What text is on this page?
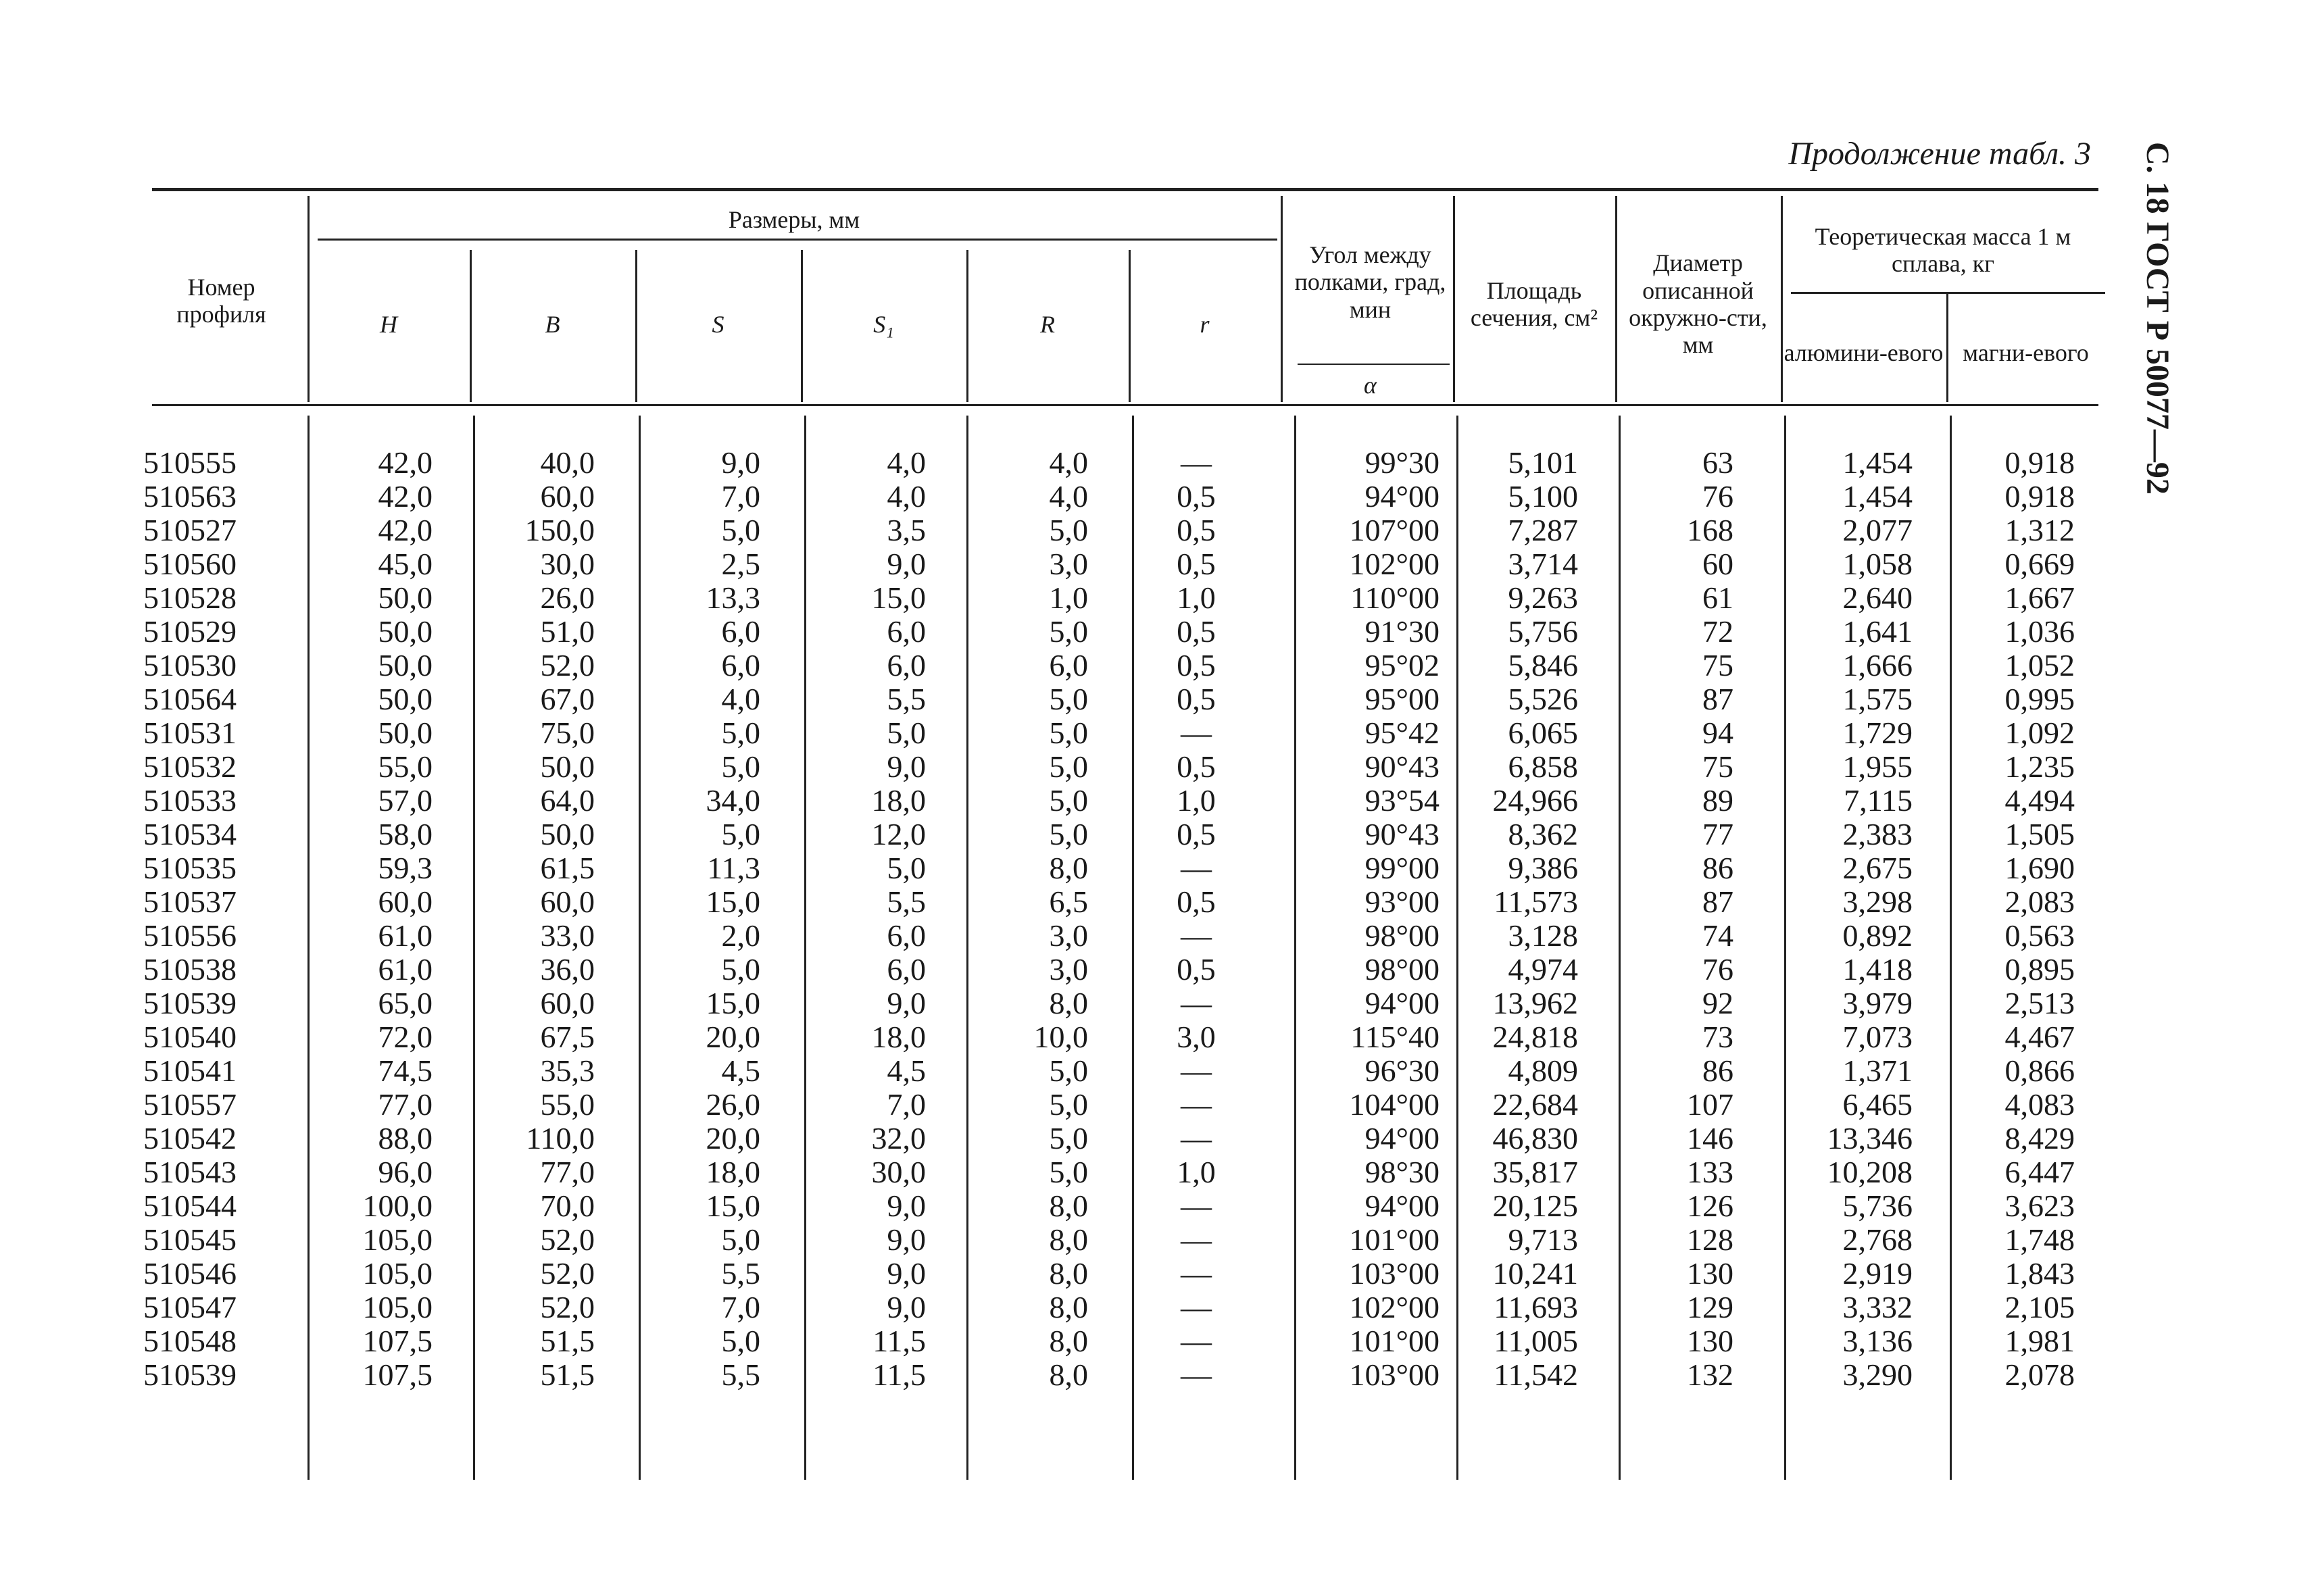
Продолжение табл. 3 С. 18 ГОСТ Р 50077—92
Номер профиля
Размеры, мм
H	B	S	S₁	R	r
Угол между полками, град, мин
α
Площадь сечения, см²
Диаметр описанной окружно-сти, мм
Теоретическая масса 1 м сплава, кг
алюмини-евого магни-евого
510555	42,0	40,0	9,0	4,0	4,0	—	99°30	5,101	63	1,454	0,918
510563	42,0	60,0	7,0	4,0	4,0	0,5	94°00	5,100	76	1,454	0,918
510527	42,0	150,0	5,0	3,5	5,0	0,5	107°00	7,287	168	2,077	1,312
510560	45,0	30,0	2,5	9,0	3,0	0,5	102°00	3,714	60	1,058	0,669
510528	50,0	26,0	13,3	15,0	1,0	1,0	110°00	9,263	61	2,640	1,667
510529	50,0	51,0	6,0	6,0	5,0	0,5	91°30	5,756	72	1,641	1,036
510530	50,0	52,0	6,0	6,0	6,0	0,5	95°02	5,846	75	1,666	1,052
510564	50,0	67,0	4,0	5,5	5,0	0,5	95°00	5,526	87	1,575	0,995
510531	50,0	75,0	5,0	5,0	5,0	—	95°42	6,065	94	1,729	1,092
510532	55,0	50,0	5,0	9,0	5,0	0,5	90°43	6,858	75	1,955	1,235
510533	57,0	64,0	34,0	18,0	5,0	1,0	93°54	24,966	89	7,115	4,494
510534	58,0	50,0	5,0	12,0	5,0	0,5	90°43	8,362	77	2,383	1,505
510535	59,3	61,5	11,3	5,0	8,0	—	99°00	9,386	86	2,675	1,690
510537	60,0	60,0	15,0	5,5	6,5	0,5	93°00	11,573	87	3,298	2,083
510556	61,0	33,0	2,0	6,0	3,0	—	98°00	3,128	74	0,892	0,563
510538	61,0	36,0	5,0	6,0	3,0	0,5	98°00	4,974	76	1,418	0,895
510539	65,0	60,0	15,0	9,0	8,0	—	94°00	13,962	92	3,979	2,513
510540	72,0	67,5	20,0	18,0	10,0	3,0	115°40	24,818	73	7,073	4,467
510541	74,5	35,3	4,5	4,5	5,0	—	96°30	4,809	86	1,371	0,866
510557	77,0	55,0	26,0	7,0	5,0	—	104°00	22,684	107	6,465	4,083
510542	88,0	110,0	20,0	32,0	5,0	—	94°00	46,830	146	13,346	8,429
510543	96,0	77,0	18,0	30,0	5,0	1,0	98°30	35,817	133	10,208	6,447
510544	100,0	70,0	15,0	9,0	8,0	—	94°00	20,125	126	5,736	3,623
510545	105,0	52,0	5,0	9,0	8,0	—	101°00	9,713	128	2,768	1,748
510546	105,0	52,0	5,5	9,0	8,0	—	103°00	10,241	130	2,919	1,843
510547	105,0	52,0	7,0	9,0	8,0	—	102°00	11,693	129	3,332	2,105
510548	107,5	51,5	5,0	11,5	8,0	—	101°00	11,005	130	3,136	1,981
510539	107,5	51,5	5,5	11,5	8,0	—	103°00	11,542	132	3,290	2,078
